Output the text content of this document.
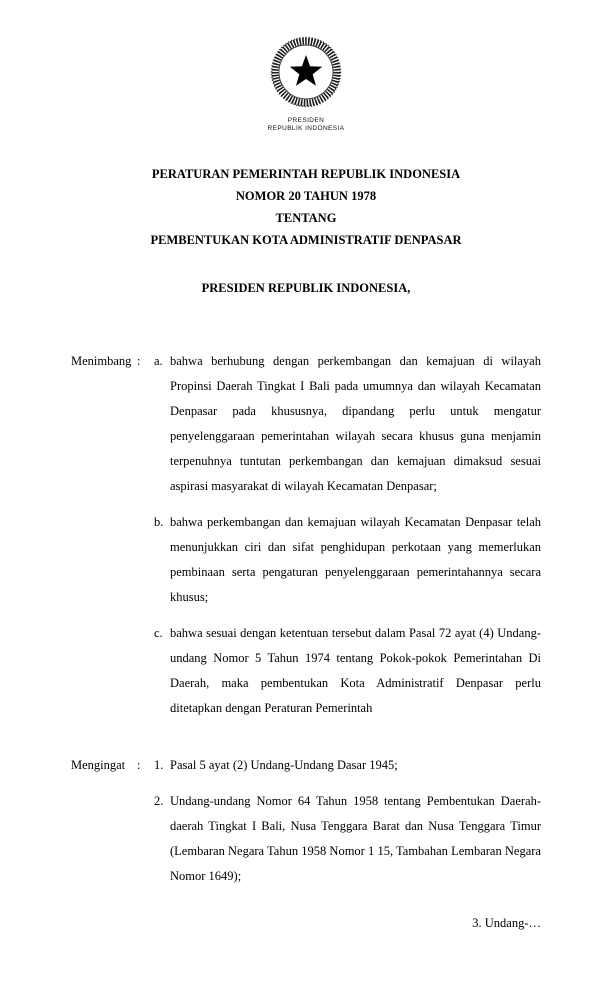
PRESIDEN
REPUBLIK INDONESIA
PERATURAN PEMERINTAH REPUBLIK INDONESIA
NOMOR 20 TAHUN 1978
TENTANG
PEMBENTUKAN KOTA ADMINISTRATIF DENPASAR
PRESIDEN REPUBLIK INDONESIA,
Menimbang :	a. bahwa berhubung dengan perkembangan dan kemajuan di wilayah Propinsi Daerah Tingkat I Bali pada umumnya dan wilayah Kecamatan Denpasar pada khususnya, dipandang perlu untuk mengatur penyelenggaraan pemerintahan wilayah secara khusus guna menjamin terpenuhnya tuntutan perkembangan dan kemajuan dimaksud sesuai aspirasi masyarakat di wilayah Kecamatan Denpasar;
b. bahwa perkembangan dan kemajuan wilayah Kecamatan Denpasar telah menunjukkan ciri dan sifat penghidupan perkotaan yang memerlukan pembinaan serta pengaturan penyelenggaraan pemerintahannya secara khusus;
c. bahwa sesuai dengan ketentuan tersebut dalam Pasal 72 ayat (4) Undang-undang Nomor 5 Tahun 1974 tentang Pokok-pokok Pemerintahan Di Daerah, maka pembentukan Kota Administratif Denpasar perlu ditetapkan dengan Peraturan Pemerintah
Mengingat :	1. Pasal 5 ayat (2) Undang-Undang Dasar 1945;
2. Undang-undang Nomor 64 Tahun 1958 tentang Pembentukan Daerah-daerah Tingkat I Bali, Nusa Tenggara Barat dan Nusa Tenggara Timur (Lembaran Negara Tahun 1958 Nomor 1 15, Tambahan Lembaran Negara Nomor 1649);
3. Undang-…
